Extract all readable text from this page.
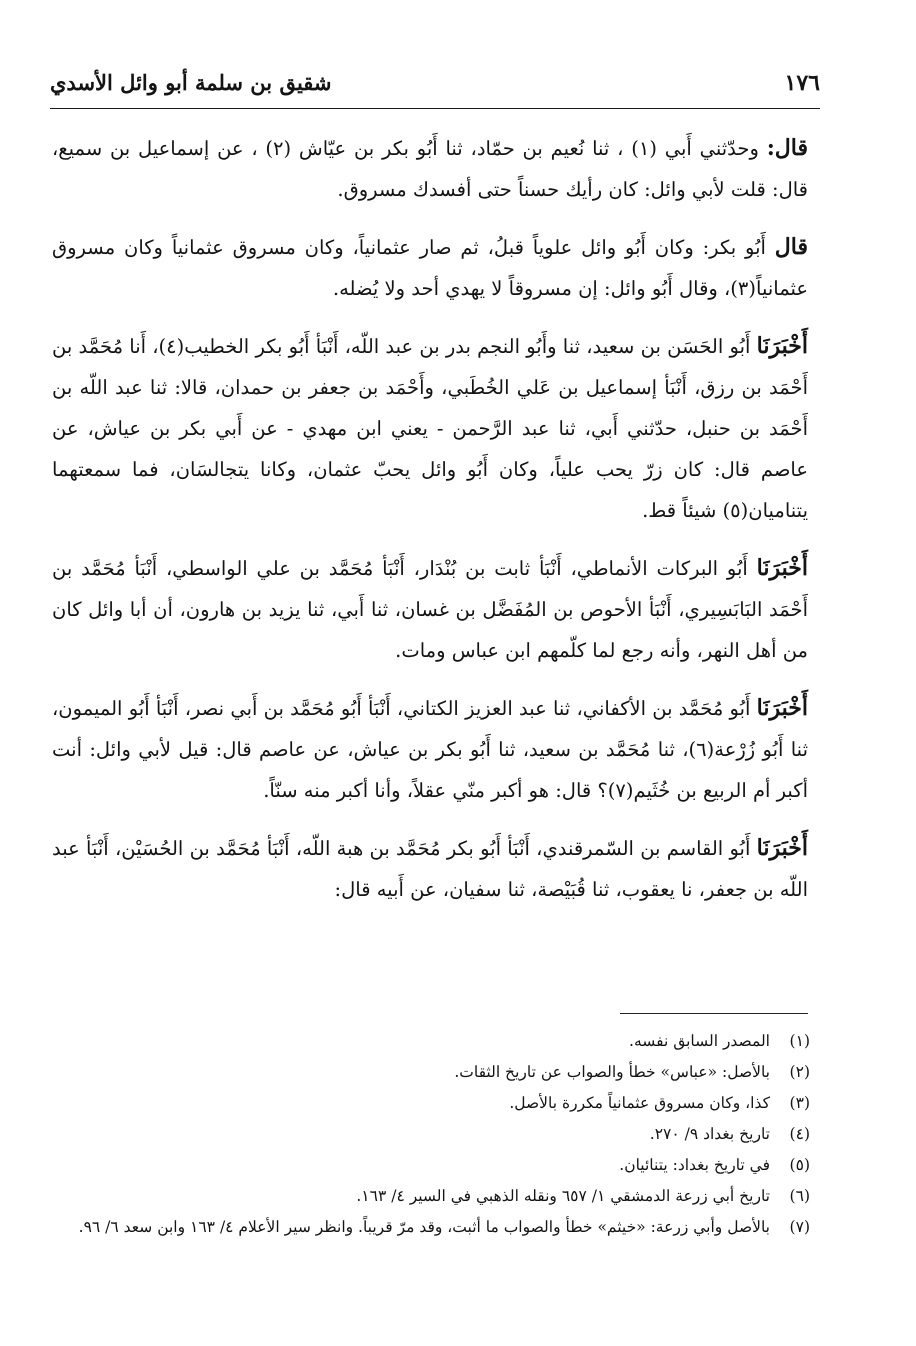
١٧٦
شقيق بن سلمة أبو وائل الأسدي

قال: وحدّثني أَبي (١) ، ثنا نُعيم بن حمّاد، ثنا أَبُو بكر بن عيّاش (٢) ، عن إسماعيل بن سميع، قال: قلت لأبي وائل: كان رأيك حسناً حتى أفسدك مسروق.

قال أَبُو بكر: وكان أَبُو وائل علوياً قبلُ، ثم صار عثمانياً، وكان مسروق عثمانياً وكان مسروق عثمانياً(٣)، وقال أَبُو وائل: إن مسروقاً لا يهدي أحد ولا يُضله.

أَخْبَرَنَا أَبُو الحَسَن بن سعيد، ثنا وأَبُو النجم بدر بن عبد اللّه، أَنْبَأ أَبُو بكر الخطيب(٤)، أَنا مُحَمَّد بن أَحْمَد بن رزق، أَنْبَأ إسماعيل بن عَلي الخُطَبي، وأَحْمَد بن جعفر بن حمدان، قالا: ثنا عبد اللّه بن أَحْمَد بن حنبل، حدّثني أَبي، ثنا عبد الرَّحمن - يعني ابن مهدي - عن أَبي بكر بن عياش، عن عاصم قال: كان زرّ يحب علياً، وكان أَبُو وائل يحبّ عثمان، وكانا يتجالسَان، فما سمعتهما يتناميان(٥) شيئاً قط.

أَخْبَرَنَا أَبُو البركات الأنماطي، أَنْبَأ ثابت بن بُنْدَار، أَنْبَأ مُحَمَّد بن علي الواسطي، أَنْبَأ مُحَمَّد بن أَحْمَد البَابَسِيري، أَنْبَأ الأحوص بن المُفَضَّل بن غسان، ثنا أَبي، ثنا يزيد بن هارون، أن أبا وائل كان من أهل النهر، وأنه رجع لما كلّمهم ابن عباس ومات.

أَخْبَرَنَا أَبُو مُحَمَّد بن الأكفاني، ثنا عبد العزيز الكتاني، أَنْبَأ أَبُو مُحَمَّد بن أَبي نصر، أَنْبَأ أَبُو الميمون، ثنا أَبُو زُرْعة(٦)، ثنا مُحَمَّد بن سعيد، ثنا أَبُو بكر بن عياش، عن عاصم قال: قيل لأبي وائل: أنت أكبر أم الربيع بن خُثَيم(٧)؟ قال: هو أكبر منّي عقلاً، وأنا أكبر منه سنّاً.

أَخْبَرَنَا أَبُو القاسم بن السّمرقندي، أَنْبَأ أَبُو بكر مُحَمَّد بن هبة اللّه، أَنْبَأ مُحَمَّد بن الحُسَيْن، أَنْبَأ عبد اللّه بن جعفر، نا يعقوب، ثنا قُبَيْصة، ثنا سفيان، عن أَبيه قال:

(١)
المصدر السابق نفسه.
(٢)
بالأصل: «عباس» خطأ والصواب عن تاريخ الثقات.
(٣)
كذا، وكان مسروق عثمانياً مكررة بالأصل.
(٤)
تاريخ بغداد ٩/ ٢٧٠.
(٥)
في تاريخ بغداد: يتنائيان.
(٦)
تاريخ أبي زرعة الدمشقي ١/ ٦٥٧ ونقله الذهبي في السير ٤/ ١٦٣.
(٧)
بالأصل وأبي زرعة: «خيثم» خطأ والصواب ما أثبت، وقد مرّ قريباً. وانظر سير الأعلام ٤/ ١٦٣ وابن سعد ٦/ ٩٦.
